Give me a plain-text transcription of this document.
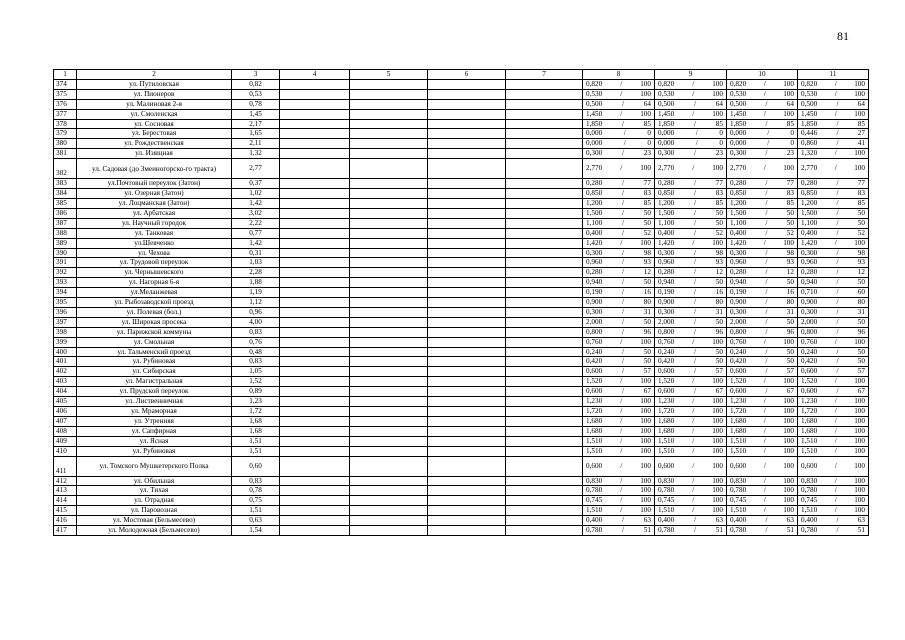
81
1	2	3	4	5	6	7	8	9	10	11
374	ул. Путиловская	0,82					0,820 / 100	0,820 / 100	0,820 / 100	0,820 / 100

375	ул. Пионеров	0,53					0,530 / 100	0,530 / 100	0,530 / 100	0,530 / 100

376	ул. Малиновая 2-я	0,78					0,500 / 64	0,500 / 64	0,500 / 64	0,500 / 64

377	ул. Смоленская	1,45					1,450 / 100	1,450 / 100	1,450 / 100	1,450 / 100

378	ул. Сосновая	2,17					1,850 / 85	1,850 / 85	1,850 / 85	1,850 / 85

379	ул. Берестовая	1,65					0,000 / 0	0,000 / 0	0,000 / 0	0,446 / 27

380	ул. Рождественская	2,11					0,000 / 0	0,000 / 0	0,000 / 0	0,860 / 41

381	ул. Изящная	1,32					0,300 / 23	0,300 / 23	0,300 / 23	1,320 / 100

382	ул. Садовая (до Змеиногорско-го тракта)	2,77					2,770 / 100	2,770 / 100	2,770 / 100	2,770 / 100

383	ул.Почтовый переулок (Затон)	0,37					0,280 / 77	0,280 / 77	0,280 / 77	0,280 / 77

384	ул. Озерная (Затон)	1,02					0,850 / 83	0,850 / 83	0,850 / 83	0,850 / 83

385	ул. Лоцманская (Затон)	1,42					1,200 / 85	1,200 / 85	1,200 / 85	1,200 / 85

386	ул. Арбатская	3,02					1,500 / 50	1,500 / 50	1,500 / 50	1,500 / 50

387	ул. Научный городок	2,22					1,100 / 50	1,100 / 50	1,100 / 50	1,100 / 50

388	ул. Танковая	0,77					0,400 / 52	0,400 / 52	0,400 / 52	0,400 / 52

389	ул.Шевченко	1,42					1,420 / 100	1,420 / 100	1,420 / 100	1,420 / 100

390	ул. Чехова	0,31					0,300 / 98	0,300 / 98	0,300 / 98	0,300 / 98

391	ул. Трудовой переулок	1,03					0,960 / 93	0,960 / 93	0,960 / 93	0,960 / 93

392	ул. Чернышевского	2,28					0,280 / 12	0,280 / 12	0,280 / 12	0,280 / 12

393	ул. Нагорная 6-я	1,88					0,940 / 50	0,940 / 50	0,940 / 50	0,940 / 50

394	ул.Меланжевая	1,19					0,190 / 16	0,190 / 16	0,190 / 16	0,710 / 60

395	ул. Рыбозаводской проезд	1,12					0,900 / 80	0,900 / 80	0,900 / 80	0,900 / 80

396	ул. Полевая (бол.)	0,96					0,300 / 31	0,300 / 31	0,300 / 31	0,300 / 31

397	ул. Широкая просека	4,00					2,000 / 50	2,000 / 50	2,000 / 50	2,000 / 50

398	ул. Парижской коммуны	0,83					0,800 / 96	0,800 / 96	0,800 / 96	0,800 / 96

399	ул. Смольная	0,76					0,760 / 100	0,760 / 100	0,760 / 100	0,760 / 100

400	ул. Тальменский проезд	0,48					0,240 / 50	0,240 / 50	0,240 / 50	0,240 / 50

401	ул. Рубиновая	0,83					0,420 / 50	0,420 / 50	0,420 / 50	0,420 / 50

402	ул. Сибирская	1,05					0,600 / 57	0,600 / 57	0,600 / 57	0,600 / 57

403	ул. Магистральная	1,52					1,520 / 100	1,520 / 100	1,520 / 100	1,520 / 100

404	ул. Прудской переулок	0,89					0,600 / 67	0,600 / 67	0,600 / 67	0,600 / 67

405	ул. Лиственничная	1,23					1,230 / 100	1,230 / 100	1,230 / 100	1,230 / 100

406	ул. Мраморная	1,72					1,720 / 100	1,720 / 100	1,720 / 100	1,720 / 100

407	ул. Утренняя	1,68					1,680 / 100	1,680 / 100	1,680 / 100	1,680 / 100

408	ул. Сапфирная	1,68					1,680 / 100	1,680 / 100	1,680 / 100	1,680 / 100

409	ул. Ясная	1,51					1,510 / 100	1,510 / 100	1,510 / 100	1,510 / 100

410	ул. Рубиновая	1,51					1,510 / 100	1,510 / 100	1,510 / 100	1,510 / 100

411	ул. Томского Мушкетерского Полка	0,60					0,600 / 100	0,600 / 100	0,600 / 100	0,600 / 100

412	ул. Обильная	0,83					0,830 / 100	0,830 / 100	0,830 / 100	0,830 / 100

413	ул. Тихая	0,78					0,780 / 100	0,780 / 100	0,780 / 100	0,780 / 100

414	ул. Отрадная	0,75					0,745 / 100	0,745 / 100	0,745 / 100	0,745 / 100

415	ул. Паровозная	1,51					1,510 / 100	1,510 / 100	1,510 / 100	1,510 / 100

416	ул. Мостовая (Бельмесево)	0,63					0,400 / 63	0,400 / 63	0,400 / 63	0,400 / 63

417	ул. Молодежная (Бельмесево)	1,54					0,780 / 51	0,780 / 51	0,780 / 51	0,780 / 51
